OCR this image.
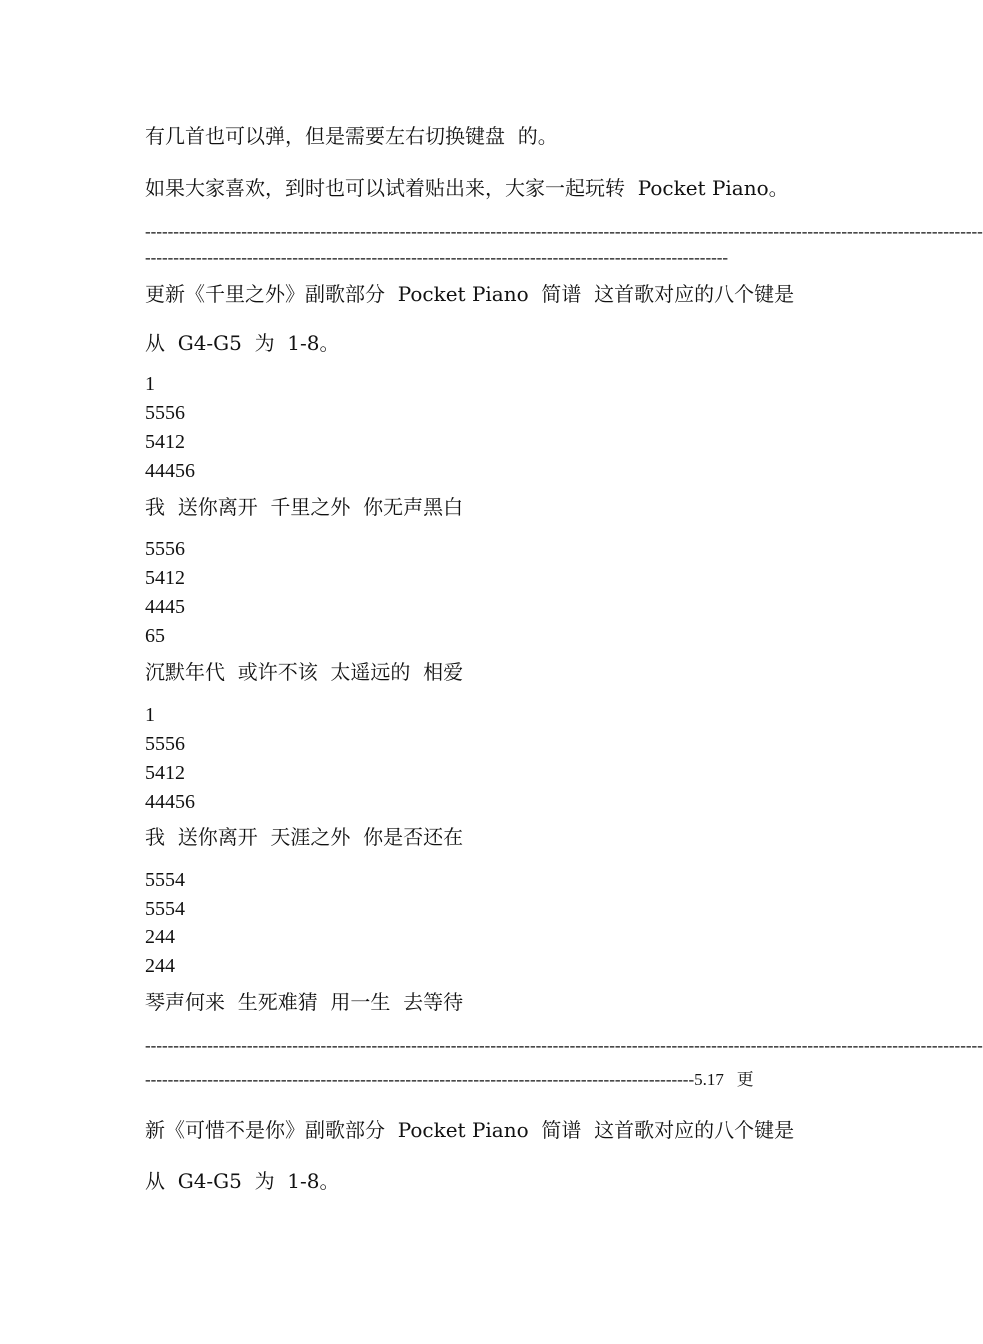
有几首也可以弹，但是需要左右切换键盘  的。
如果大家喜欢，到时也可以试着贴出来，大家一起玩转  Pocket Piano。
----------------------------------------------------------------------------------------------------------------------------------------------------
-------------------------------------------------------------------------------------------------------
更新《千里之外》副歌部分  Pocket Piano  简谱  这首歌对应的八个键是
从  G4-G5  为  1-8。
1
5556
5412
44456
我  送你离开  千里之外  你无声黑白
5556
5412
4445
65
沉默年代  或许不该  太遥远的  相爱
1
5556
5412
44456
我  送你离开  天涯之外  你是否还在
5554
5554
244
244
琴声何来  生死难猜  用一生  去等待
----------------------------------------------------------------------------------------------------------------------------------------------------
-------------------------------------------------------------------------------------------------5.17   更
新《可惜不是你》副歌部分  Pocket Piano  简谱  这首歌对应的八个键是
从  G4-G5  为  1-8。
